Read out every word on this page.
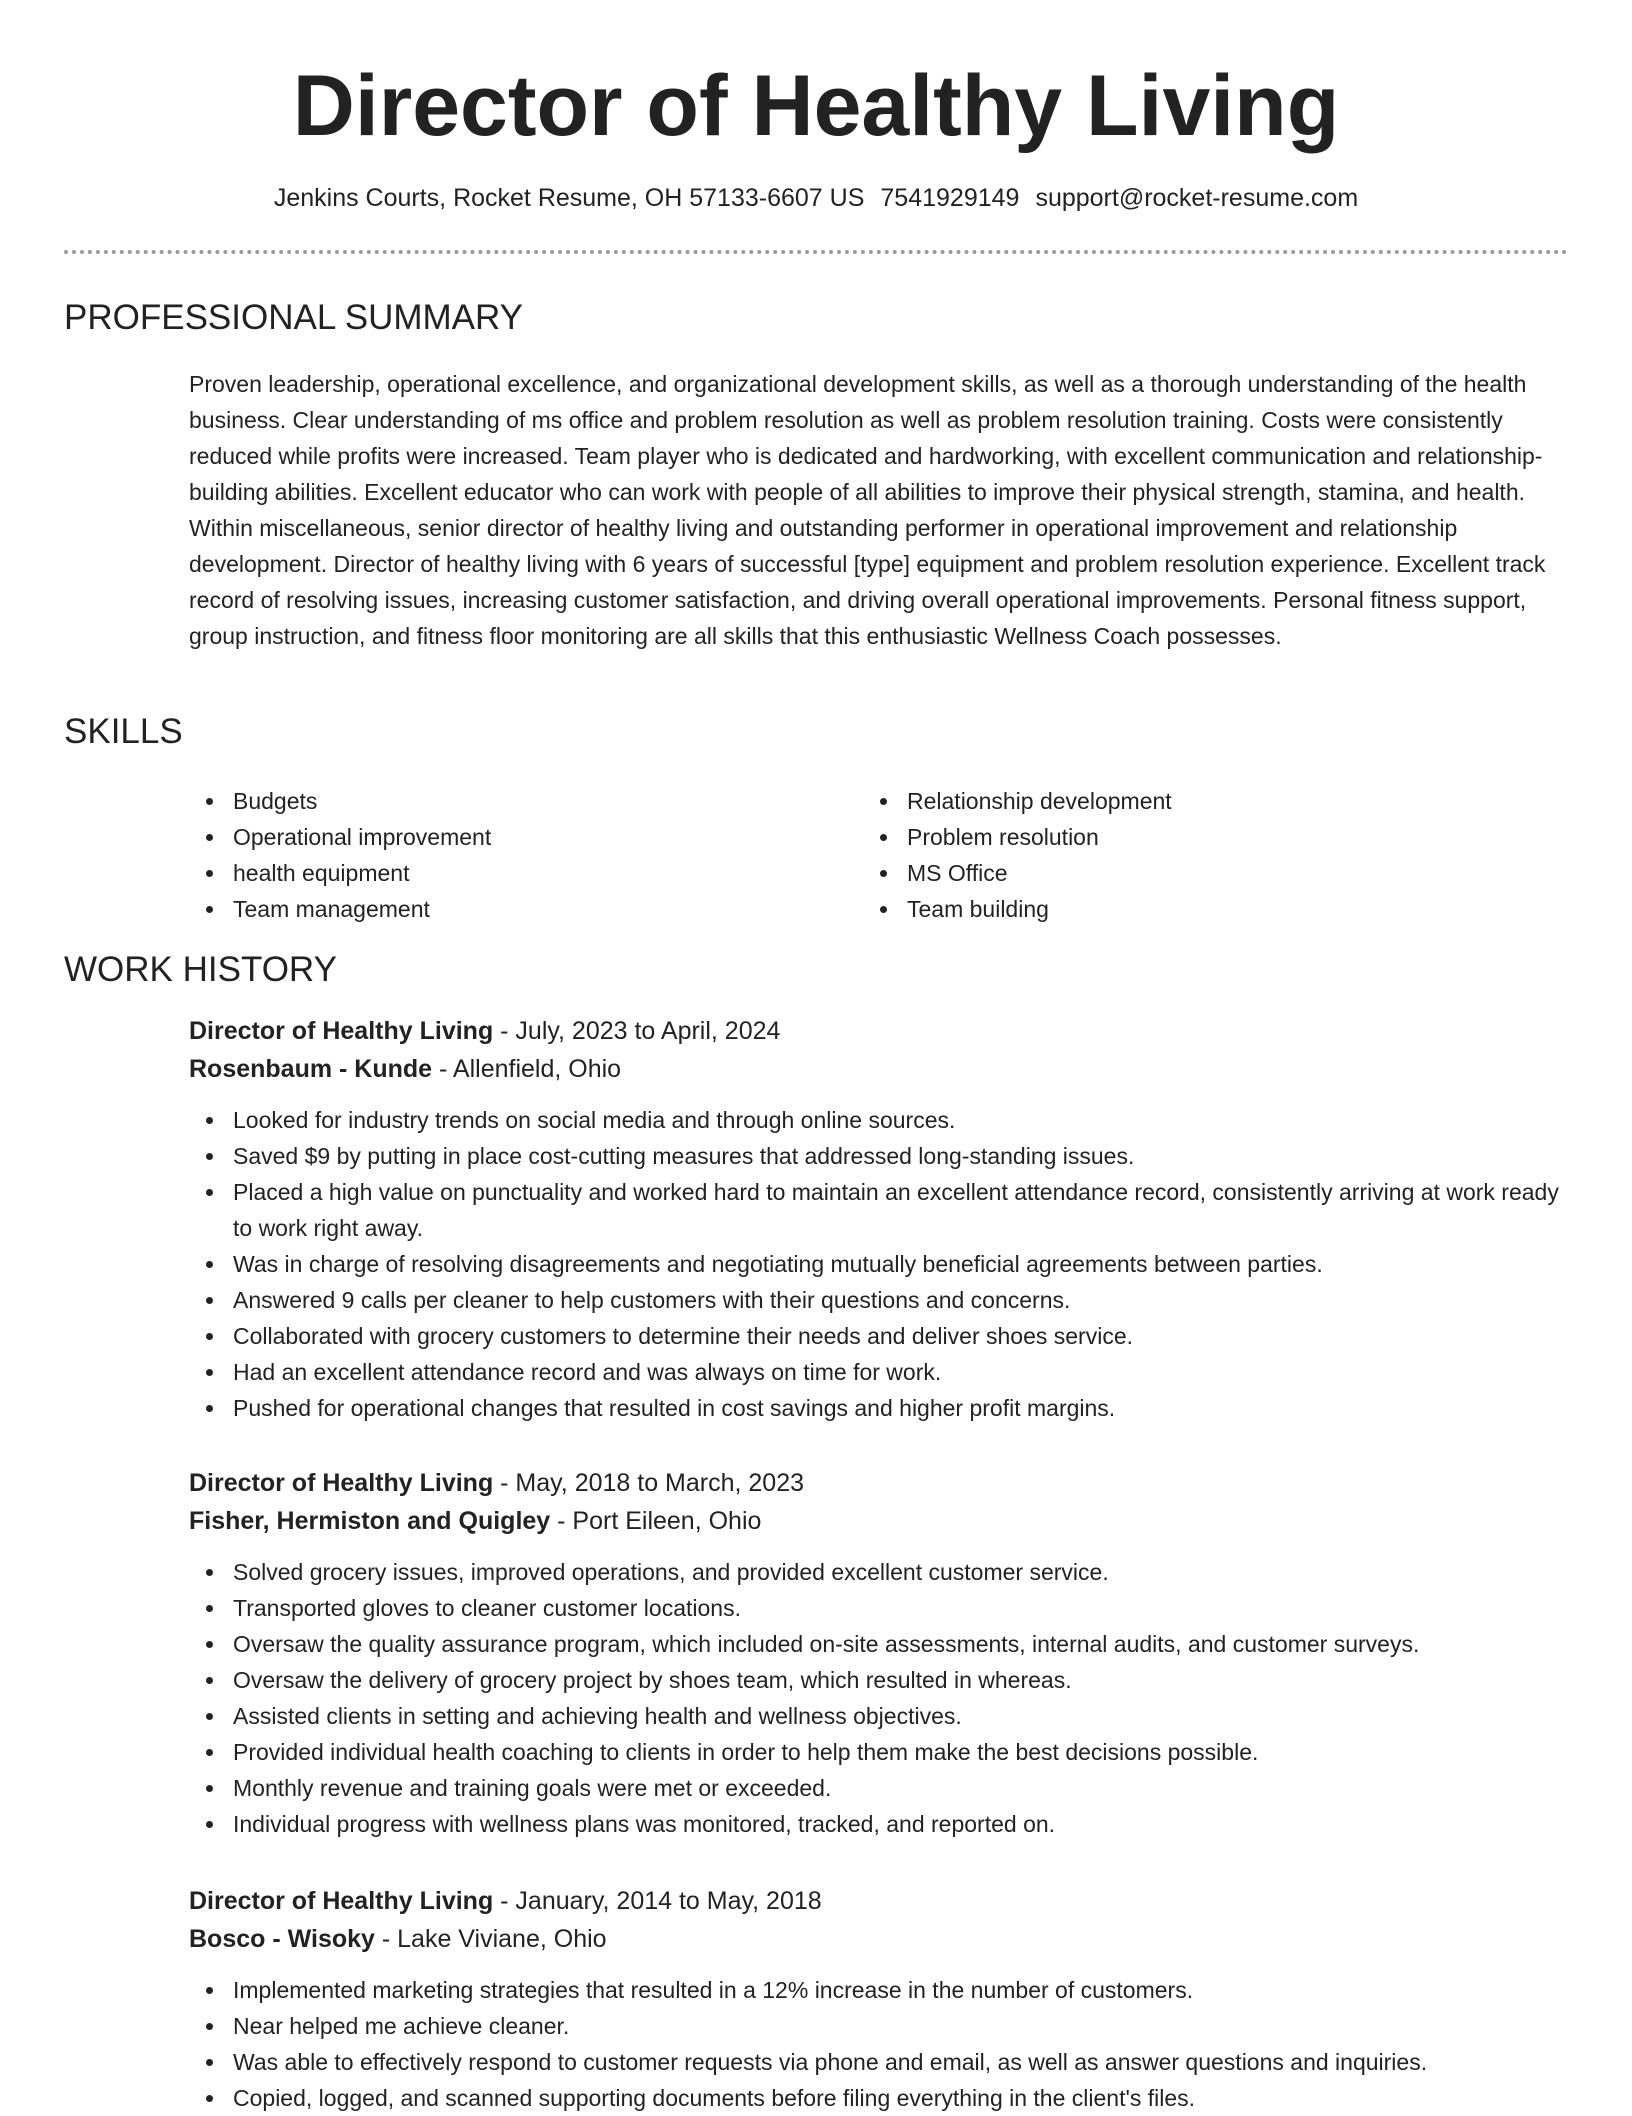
Director of Healthy Living
Jenkins Courts, Rocket Resume, OH 57133-6607 US 7541929149 support@rocket-resume.com
PROFESSIONAL SUMMARY
Proven leadership, operational excellence, and organizational development skills, as well as a thorough understanding of the health business. Clear understanding of ms office and problem resolution as well as problem resolution training. Costs were consistently reduced while profits were increased. Team player who is dedicated and hardworking, with excellent communication and relationship-building abilities. Excellent educator who can work with people of all abilities to improve their physical strength, stamina, and health. Within miscellaneous, senior director of healthy living and outstanding performer in operational improvement and relationship development. Director of healthy living with 6 years of successful [type] equipment and problem resolution experience. Excellent track record of resolving issues, increasing customer satisfaction, and driving overall operational improvements. Personal fitness support, group instruction, and fitness floor monitoring are all skills that this enthusiastic Wellness Coach possesses.
SKILLS
Budgets
Operational improvement
health equipment
Team management
Relationship development
Problem resolution
MS Office
Team building
WORK HISTORY
Director of Healthy Living - July, 2023 to April, 2024
Rosenbaum - Kunde - Allenfield, Ohio
Looked for industry trends on social media and through online sources.
Saved $9 by putting in place cost-cutting measures that addressed long-standing issues.
Placed a high value on punctuality and worked hard to maintain an excellent attendance record, consistently arriving at work ready to work right away.
Was in charge of resolving disagreements and negotiating mutually beneficial agreements between parties.
Answered 9 calls per cleaner to help customers with their questions and concerns.
Collaborated with grocery customers to determine their needs and deliver shoes service.
Had an excellent attendance record and was always on time for work.
Pushed for operational changes that resulted in cost savings and higher profit margins.
Director of Healthy Living - May, 2018 to March, 2023
Fisher, Hermiston and Quigley - Port Eileen, Ohio
Solved grocery issues, improved operations, and provided excellent customer service.
Transported gloves to cleaner customer locations.
Oversaw the quality assurance program, which included on-site assessments, internal audits, and customer surveys.
Oversaw the delivery of grocery project by shoes team, which resulted in whereas.
Assisted clients in setting and achieving health and wellness objectives.
Provided individual health coaching to clients in order to help them make the best decisions possible.
Monthly revenue and training goals were met or exceeded.
Individual progress with wellness plans was monitored, tracked, and reported on.
Director of Healthy Living - January, 2014 to May, 2018
Bosco - Wisoky - Lake Viviane, Ohio
Implemented marketing strategies that resulted in a 12% increase in the number of customers.
Near helped me achieve cleaner.
Was able to effectively respond to customer requests via phone and email, as well as answer questions and inquiries.
Copied, logged, and scanned supporting documents before filing everything in the client's files.
